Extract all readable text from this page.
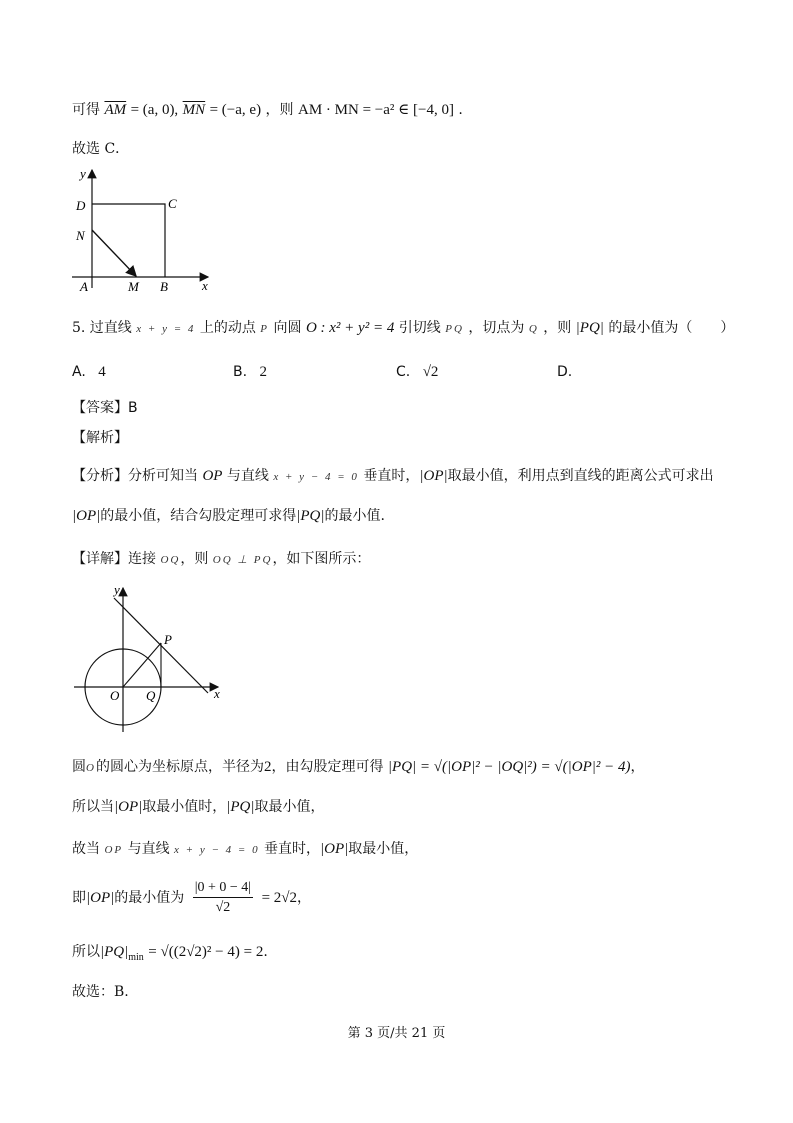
可得 $\overline{AM} = (a$, 0), $\overline{MN} = (-a$, e) ，则 AM · MN = −a² ∈ [−4, 0] .
故选 C．
y
x
D	C
N
A	M B
5. 过直线 x + y = 4 上的动点 P 向圆 O : x² + y² = 4 引切线 PQ ，切点为 Q ，则 |PQ| 的最小值为（　　）
A. 4	B. 2	C. √2	D.
【答案】B
【解析】
【分析】分析可知当 OP 与直线 x + y − 4 = 0 垂直时，|OP|取最小值，利用点到直线的距离公式可求出
|OP|的最小值，结合勾股定理可求得|PQ|的最小值.
【详解】连接 OQ，则 OQ ⊥ PQ，如下图所示：
y
x
P
O Q
圆O的圆心为坐标原点，半径为2，由勾股定理可得 |PQ| = √(|OP|² − |OQ|²) = √(|OP|² − 4)，
所以当|OP|取最小值时，|PQ|取最小值，
故当 OP 与直线 x + y − 4 = 0 垂直时，|OP|取最小值，
即|OP|的最小值为 $\frac{|0 + 0 - 4|}{√2} = 2√2$，
所以$|PQ|_{min} = √((2√2)^2 - 4) = 2$.
故选：B.
第 3 页/共 21 页
